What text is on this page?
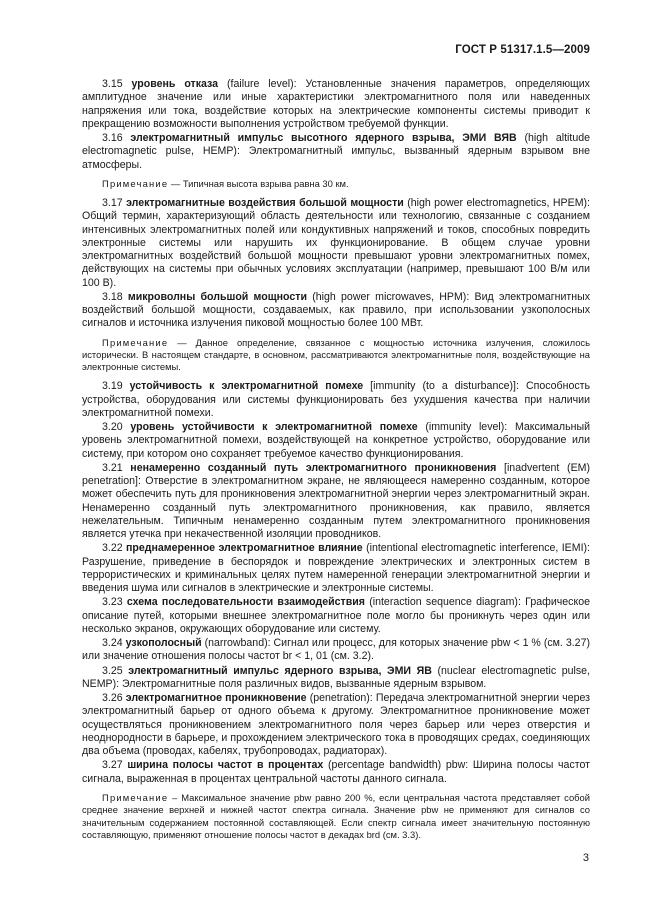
ГОСТ Р 51317.1.5—2009

3.15 уровень отказа (failure level): Установленные значения параметров, определяющих амплитудное значение или иные характеристики электромагнитного поля или наведенных напряжения или тока, воздействие которых на электрические компоненты системы приводит к прекращению возможности выполнения устройством требуемой функции.

3.16 электромагнитный импульс высотного ядерного взрыва, ЭМИ ВЯВ (high altitude electromagnetic pulse, HEMP): Электромагнитный импульс, вызванный ядерным взрывом вне атмосферы.

Примечание — Типичная высота взрыва равна 30 км.

3.17 электромагнитные воздействия большой мощности (high power electromagnetics, HPEM): Общий термин, характеризующий область деятельности или технологию, связанные с созданием интенсивных электромагнитных полей или кондуктивных напряжений и токов, способных повредить электронные системы или нарушить их функционирование. В общем случае уровни электромагнитных воздействий большой мощности превышают уровни электромагнитных помех, действующих на системы при обычных условиях эксплуатации (например, превышают 100 В/м или 100 В).

3.18 микроволны большой мощности (high power microwaves, HPM): Вид электромагнитных воздействий большой мощности, создаваемых, как правило, при использовании узкополосных сигналов и источника излучения пиковой мощностью более 100 МВт.

Примечание — Данное определение, связанное с мощностью источника излучения, сложилось исторически. В настоящем стандарте, в основном, рассматриваются электромагнитные поля, воздействующие на электронные системы.

3.19 устойчивость к электромагнитной помехе [immunity (to a disturbance)]: Способность устройства, оборудования или системы функционировать без ухудшения качества при наличии электромагнитной помехи.

3.20 уровень устойчивости к электромагнитной помехе (immunity level): Максимальный уровень электромагнитной помехи, воздействующей на конкретное устройство, оборудование или систему, при котором оно сохраняет требуемое качество функционирования.

3.21 ненамеренно созданный путь электромагнитного проникновения [inadvertent (EM) penetration]: Отверстие в электромагнитном экране, не являющееся намеренно созданным, которое может обеспечить путь для проникновения электромагнитной энергии через электромагнитный экран. Ненамеренно созданный путь электромагнитного проникновения, как правило, является нежелательным. Типичным ненамеренно созданным путем электромагнитного проникновения является утечка при некачественной изоляции проводников.

3.22 преднамеренное электромагнитное влияние (intentional electromagnetic interference, IEMI): Разрушение, приведение в беспорядок и повреждение электрических и электронных систем в террористических и криминальных целях путем намеренной генерации электромагнитной энергии и введения шума или сигналов в электрические и электронные системы.

3.23 схема последовательности взаимодействия (interaction sequence diagram): Графическое описание путей, которыми внешнее электромагнитное поле могло бы проникнуть через один или несколько экранов, окружающих оборудование или систему.

3.24 узкополосный (narrowband): Сигнал или процесс, для которых значение pbw < 1 % (см. 3.27) или значение отношения полосы частот br < 1, 01 (см. 3.2).

3.25 электромагнитный импульс ядерного взрыва, ЭМИ ЯВ (nuclear electromagnetic pulse, NEMP): Электромагнитные поля различных видов, вызванные ядерным взрывом.

3.26 электромагнитное проникновение (penetration): Передача электромагнитной энергии через электромагнитный барьер от одного объема к другому. Электромагнитное проникновение может осуществляться проникновением электромагнитного поля через барьер или через отверстия и неоднородности в барьере, и прохождением электрического тока в проводящих средах, соединяющих два объема (проводах, кабелях, трубопроводах, радиаторах).

3.27 ширина полосы частот в процентах (percentage bandwidth) pbw: Ширина полосы частот сигнала, выраженная в процентах центральной частоты данного сигнала.

Примечание – Максимальное значение pbw равно 200 %, если центральная частота представляет собой среднее значение верхней и нижней частот спектра сигнала. Значение pbw не применяют для сигналов со значительным содержанием постоянной составляющей. Если спектр сигнала имеет значительную постоянную составляющую, применяют отношение полосы частот в декадах brd (см. 3.3).

3
